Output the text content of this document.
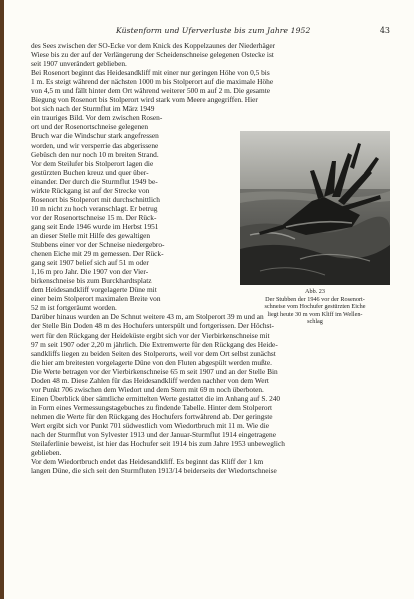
Küstenform und Uferverluste bis zum Jahre 1952	43
des Sees zwischen der SO-Ecke vor dem Knick des Koppelzaunes der Niederhäger
Wiese bis zu der auf der Verlängerung der Scheidenschneise gelegenen Ostecke ist
seit 1907 unverändert geblieben.
Bei Rosenort beginnt das Heidesandkliff mit einer nur geringen Höhe von 0,5 bis
1 m. Es steigt während der nächsten 1000 m bis Stolperort auf die maximale Höhe
von 4,5 m und fällt hinter dem Ort während weiterer 500 m auf 2 m. Die gesamte
Biegung von Rosenort bis Stolperort wird stark vom Meere angegriffen. Hier
bot sich nach der Sturmflut im März 1949
ein trauriges Bild. Vor dem zwischen Rosen-
ort und der Rosenortschneise gelegenen
Bruch war die Windschur stark angefressen
worden, und wir versperrie das abgerissene
Gebüsch den nur noch 10 m breiten Strand.
Vor dem Steilufer bis Stolperort lagen die
gestürzten Buchen kreuz und quer über-
einander. Der durch die Sturmflut 1949 be-
wirkte Rückgang ist auf der Strecke von
Rosenort bis Stolperort mit durchschnittlich
10 m nicht zu hoch veranschlagt. Er betrug
vor der Rosenortschneise 15 m. Der Rück-
gang seit Ende 1946 wurde im Herbst 1951
an dieser Stelle mit Hilfe des gewaltigen
Stubbens einer vor der Schneise niedergebro-
chenen Eiche mit 29 m gemessen. Der Rück-
gang seit 1907 belief sich auf 51 m oder
1,16 m pro Jahr. Die 1907 von der Vier-
birkenschneise bis zum Burckhardtsplatz
dem Heidesandkliff vorgelagerte Düne mit
einer beim Stolperort maximalen Breite von
52 m ist fortgeräumt worden.
Darüber hinaus wurden an De Schnut weitere 43 m, am Stolperort 39 m und an
der Stelle Bin Doden 48 m des Hochufers unterspült und fortgerissen. Der Höchst-
wert für den Rückgang der Heideküste ergibt sich vor der Vierbirkenschneise mit
97 m seit 1907 oder 2,20 m jährlich. Die Extremwerte für den Rückgang des Heide-
sandkliffs liegen zu beiden Seiten des Stolperorts, weil vor dem Ort selbst zunächst
die hier am breitesten vorgelagerte Düne von den Fluten abgespült werden mußte.
Die Werte betragen vor der Vierbirkenschneise 65 m seit 1907 und an der Stelle Bin
Doden 48 m. Diese Zahlen für das Heidesandkliff werden nachher von dem Wert
vor Punkt 706 zwischen dem Wiedort und dem Stern mit 69 m noch überboten.
Einen Überblick über sämtliche ermittelten Werte gestattet die im Anhang auf S. 240
in Form eines Vermessungstagebuches zu findende Tabelle. Hinter dem Stolperort
nehmen die Werte für den Rückgang des Hochufers fortwährend ab. Der geringste
Wert ergibt sich vor Punkt 701 südwestlich vom Wiedortbruch mit 11 m. Wie die
nach der Sturmflut von Sylvester 1913 und der Januar-Sturmflut 1914 eingetragene
Steilaferlinie beweist, ist hier das Hochufer seit 1914 bis zum Jahre 1953 unbeweglich
geblieben.
Vor dem Wiedortbruch endet das Heidesandkliff. Es beginnt das Kliff der 1 km
langen Düne, die sich seit den Sturmfluten 1913/14 beiderseits der Wiedortschneise
Abb. 23
Der Stubben der 1946 vor der Rosenort-
schneise vom Hochufer gestürzten Eiche
liegt heute 30 m vom Kliff im Wellen-
schlag
